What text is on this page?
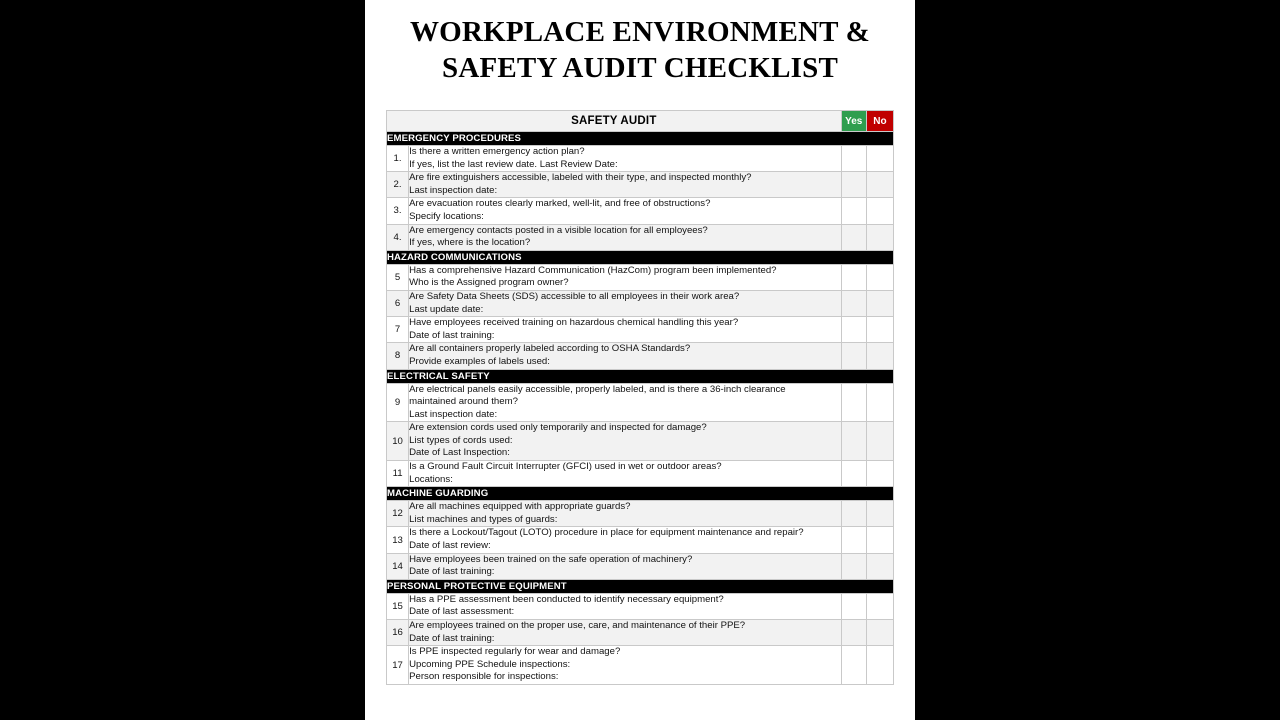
WORKPLACE ENVIRONMENT &
SAFETY AUDIT CHECKLIST
SAFETY AUDIT		Yes	No
EMERGENCY PROCEDURES			
1.	Is there a written emergency action plan?
If yes, list the last review date. Last Review Date:		

2.	Are fire extinguishers accessible, labeled with their type, and inspected monthly?
Last inspection date:		

3.	Are evacuation routes clearly marked, well-lit, and free of obstructions?
Specify locations:		

4.	Are emergency contacts posted in a visible location for all employees?
If yes, where is the location?		

HAZARD COMMUNICATIONS			
5	Has a comprehensive Hazard Communication (HazCom) program been implemented?
Who is the Assigned program owner?		

6	Are Safety Data Sheets (SDS) accessible to all employees in their work area?
Last update date:		

7	Have employees received training on hazardous chemical handling this year?
Date of last training:		

8	Are all containers properly labeled according to OSHA Standards?
Provide examples of labels used:		

ELECTRICAL SAFETY			
9	Are electrical panels easily accessible, properly labeled, and is there a 36-inch clearance
maintained around them?
Last inspection date:		

10	Are extension cords used only temporarily and inspected for damage?
List types of cords used:
Date of Last Inspection:		

11	Is a Ground Fault Circuit Interrupter (GFCI) used in wet or outdoor areas?
Locations:		

MACHINE GUARDING			
12	Are all machines equipped with appropriate guards?
List machines and types of guards:		

13	Is there a Lockout/Tagout (LOTO) procedure in place for equipment maintenance and repair?
Date of last review:		

14	Have employees been trained on the safe operation of machinery?
Date of last training:		

PERSONAL PROTECTIVE EQUIPMENT			
15	Has a PPE assessment been conducted to identify necessary equipment?
Date of last assessment:		

16	Are employees trained on the proper use, care, and maintenance of their PPE?
Date of last training:		

17	Is PPE inspected regularly for wear and damage?
Upcoming PPE Schedule inspections:
Person responsible for inspections:		
